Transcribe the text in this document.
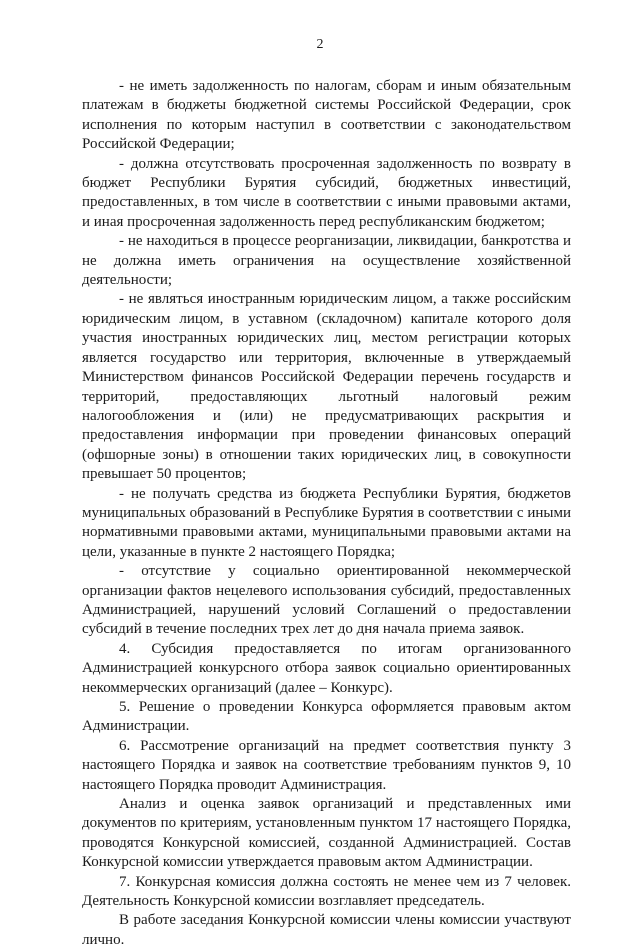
2

- не иметь задолженность по налогам, сборам и иным обязательным платежам в бюджеты бюджетной системы Российской Федерации, срок исполнения по которым наступил в соответствии с законодательством Российской Федерации;

- должна отсутствовать просроченная задолженность по возврату в бюджет Республики Бурятия субсидий, бюджетных инвестиций, предоставленных, в том числе в соответствии с иными правовыми актами, и иная просроченная задолженность перед республиканским бюджетом;

- не находиться в процессе реорганизации, ликвидации, банкротства и не должна иметь ограничения на осуществление хозяйственной деятельности;

- не являться иностранным юридическим лицом, а также российским юридическим лицом, в уставном (складочном) капитале которого доля участия иностранных юридических лиц, местом регистрации которых является государство или территория, включенные в утверждаемый Министерством финансов Российской Федерации перечень государств и территорий, предоставляющих льготный налоговый режим налогообложения и (или) не предусматривающих раскрытия и предоставления информации при проведении финансовых операций (офшорные зоны) в отношении таких юридических лиц, в совокупности превышает 50 процентов;

- не получать средства из бюджета Республики Бурятия, бюджетов муниципальных образований в Республике Бурятия в соответствии с иными нормативными правовыми актами, муниципальными правовыми актами на цели, указанные в пункте 2 настоящего Порядка;

- отсутствие у социально ориентированной некоммерческой организации фактов нецелевого использования субсидий, предоставленных Администрацией, нарушений условий Соглашений о предоставлении субсидий в течение последних трех лет до дня начала приема заявок.

4. Субсидия предоставляется по итогам организованного Администрацией конкурсного отбора заявок социально ориентированных некоммерческих организаций (далее – Конкурс).

5. Решение о проведении Конкурса оформляется правовым актом Администрации.

6. Рассмотрение организаций на предмет соответствия пункту 3 настоящего Порядка и заявок на соответствие требованиям пунктов 9, 10 настоящего Порядка проводит Администрация.

Анализ и оценка заявок организаций и представленных ими документов по критериям, установленным пунктом 17 настоящего Порядка, проводятся Конкурсной комиссией, созданной Администрацией. Состав Конкурсной комиссии утверждается правовым актом Администрации.

7. Конкурсная комиссия должна состоять не менее чем из 7 человек. Деятельность Конкурсной комиссии возглавляет председатель.

В работе заседания Конкурсной комиссии члены комиссии участвуют лично.
